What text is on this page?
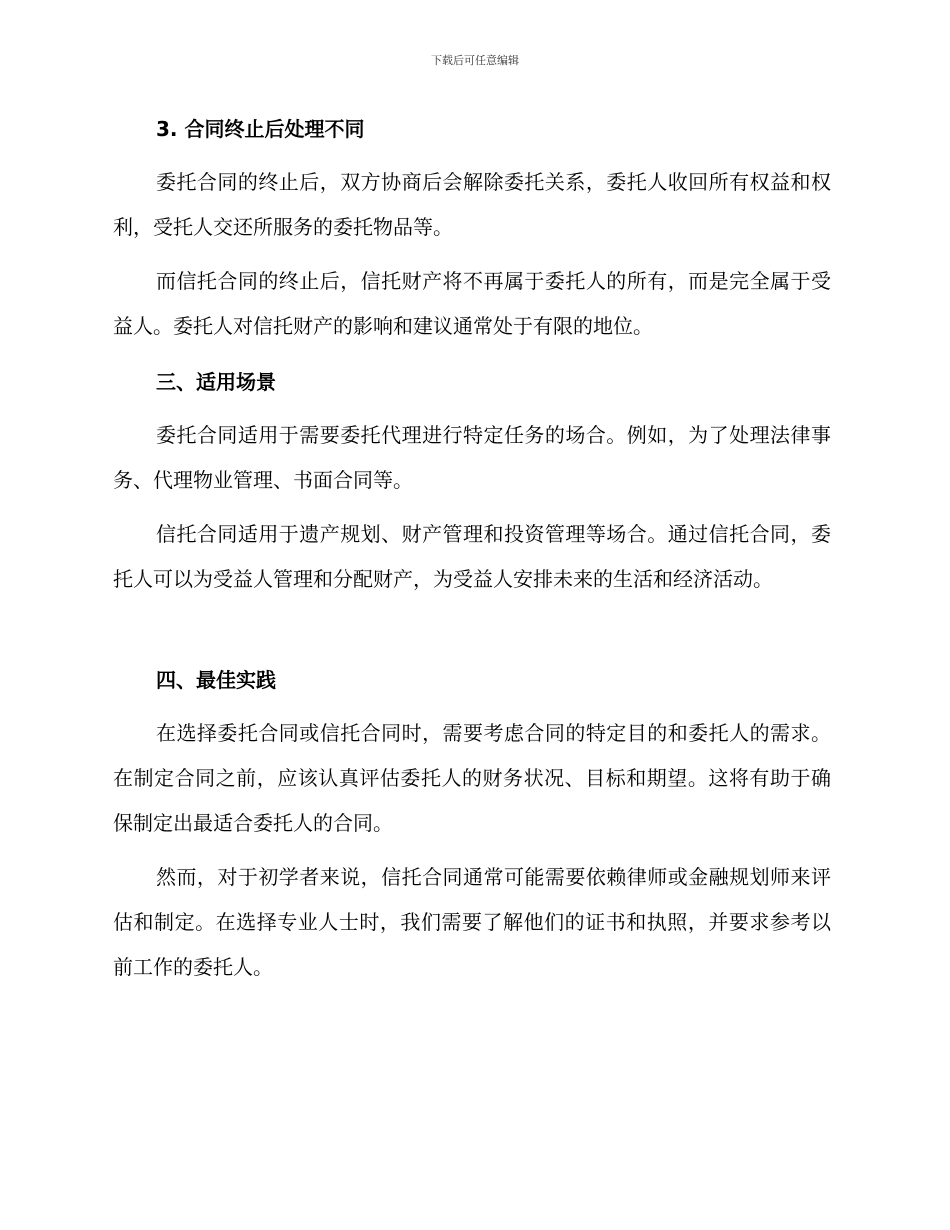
下载后可任意编辑
3. 合同终止后处理不同

委托合同的终止后，双方协商后会解除委托关系，委托人收回所有权益和权利，受托人交还所服务的委托物品等。

而信托合同的终止后，信托财产将不再属于委托人的所有，而是完全属于受益人。委托人对信托财产的影响和建议通常处于有限的地位。

三、适用场景

委托合同适用于需要委托代理进行特定任务的场合。例如，为了处理法律事务、代理物业管理、书面合同等。

信托合同适用于遗产规划、财产管理和投资管理等场合。通过信托合同，委托人可以为受益人管理和分配财产，为受益人安排未来的生活和经济活动。

四、最佳实践

在选择委托合同或信托合同时，需要考虑合同的特定目的和委托人的需求。在制定合同之前，应该认真评估委托人的财务状况、目标和期望。这将有助于确保制定出最适合委托人的合同。

然而，对于初学者来说，信托合同通常可能需要依赖律师或金融规划师来评估和制定。在选择专业人士时，我们需要了解他们的证书和执照，并要求参考以前工作的委托人。
